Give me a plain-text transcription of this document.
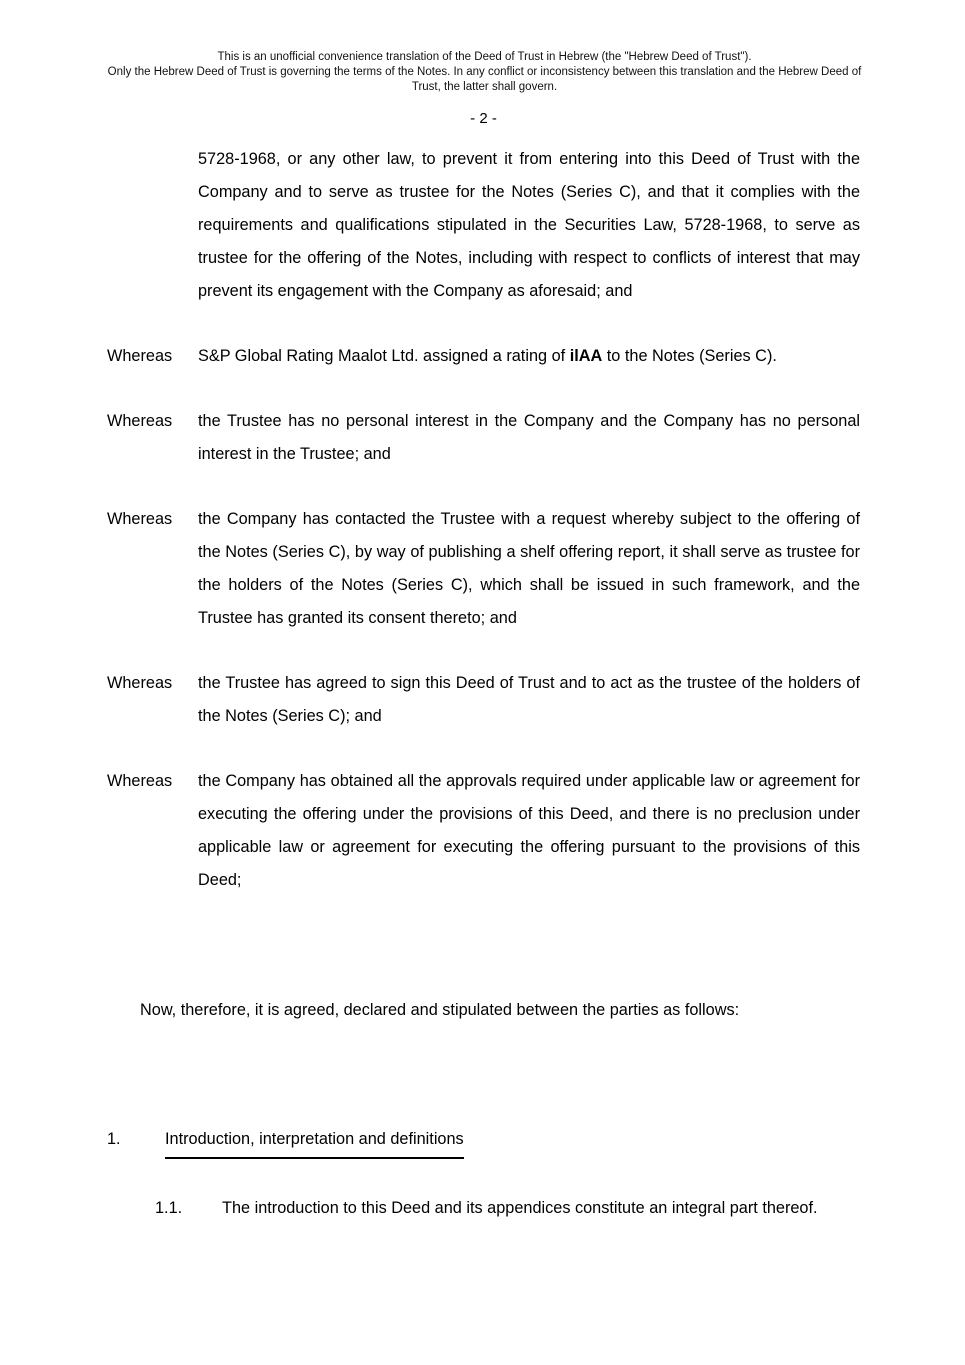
This is an unofficial convenience translation of the Deed of Trust in Hebrew (the "Hebrew Deed of Trust").
Only the Hebrew Deed of Trust is governing the terms of the Notes. In any conflict or inconsistency between this translation and the Hebrew Deed of Trust, the latter shall govern.
- 2 -
5728-1968, or any other law, to prevent it from entering into this Deed of Trust with the Company and to serve as trustee for the Notes (Series C), and that it complies with the requirements and qualifications stipulated in the Securities Law, 5728-1968, to serve as trustee for the offering of the Notes, including with respect to conflicts of interest that may prevent its engagement with the Company as aforesaid; and
Whereas	S&P Global Rating Maalot Ltd. assigned a rating of ilAA to the Notes (Series C).
Whereas	the Trustee has no personal interest in the Company and the Company has no personal interest in the Trustee; and
Whereas	the Company has contacted the Trustee with a request whereby subject to the offering of the Notes (Series C), by way of publishing a shelf offering report, it shall serve as trustee for the holders of the Notes (Series C), which shall be issued in such framework, and the Trustee has granted its consent thereto; and
Whereas	the Trustee has agreed to sign this Deed of Trust and to act as the trustee of the holders of the Notes (Series C); and
Whereas	the Company has obtained all the approvals required under applicable law or agreement for executing the offering under the provisions of this Deed, and there is no preclusion under applicable law or agreement for executing the offering pursuant to the provisions of this Deed;
Now, therefore, it is agreed, declared and stipulated between the parties as follows:
1.	Introduction, interpretation and definitions
1.1.	The introduction to this Deed and its appendices constitute an integral part thereof.
